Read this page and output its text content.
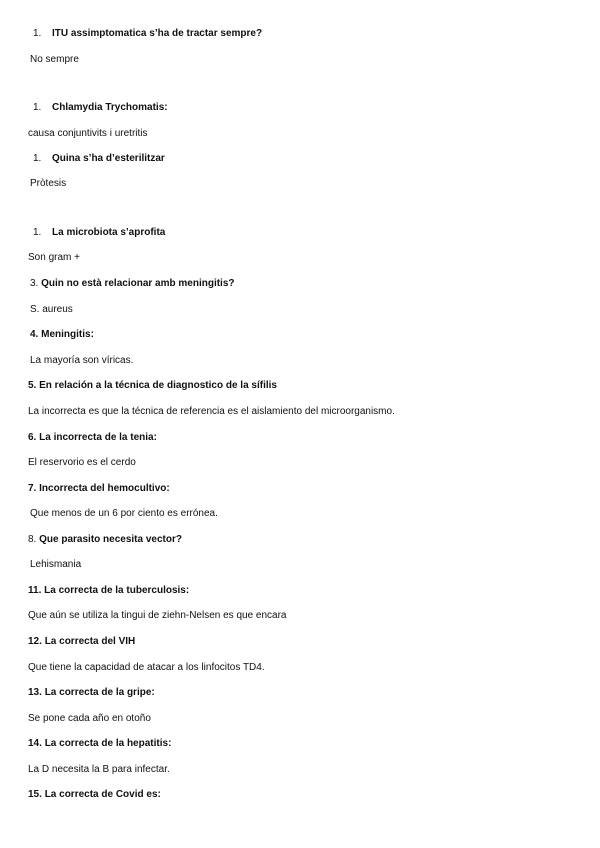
1. ITU assimptomatica s’ha de tractar sempre?
No sempre
1. Chlamydia Trychomatis:
causa conjuntivits i uretritis
1. Quina s’ha d’esterilitzar
Pròtesis
1. La microbiota s’aprofita
Son gram +
3. Quin no està relacionar amb meningitis?
S. aureus
4. Meningitis:
La mayoría son víricas.
5. En relación a la técnica de diagnostico de la sífilis
La incorrecta es que la técnica de referencia es el aislamiento del microorganismo.
6. La incorrecta de la tenia:
El reservorio es el cerdo
7. Incorrecta del hemocultivo:
Que menos de un 6 por ciento es errónea.
8. Que parasito necesita vector?
Lehismania
11. La correcta de la tuberculosis:
Que aún se utiliza la tingui de ziehn-Nelsen es que encara
12. La correcta del VIH
Que tiene la capacidad de atacar a los linfocitos TD4.
13. La correcta de la gripe:
Se pone cada año en otoño
14. La correcta de la hepatitis:
La D necesita la B para infectar.
15. La correcta de Covid es:
